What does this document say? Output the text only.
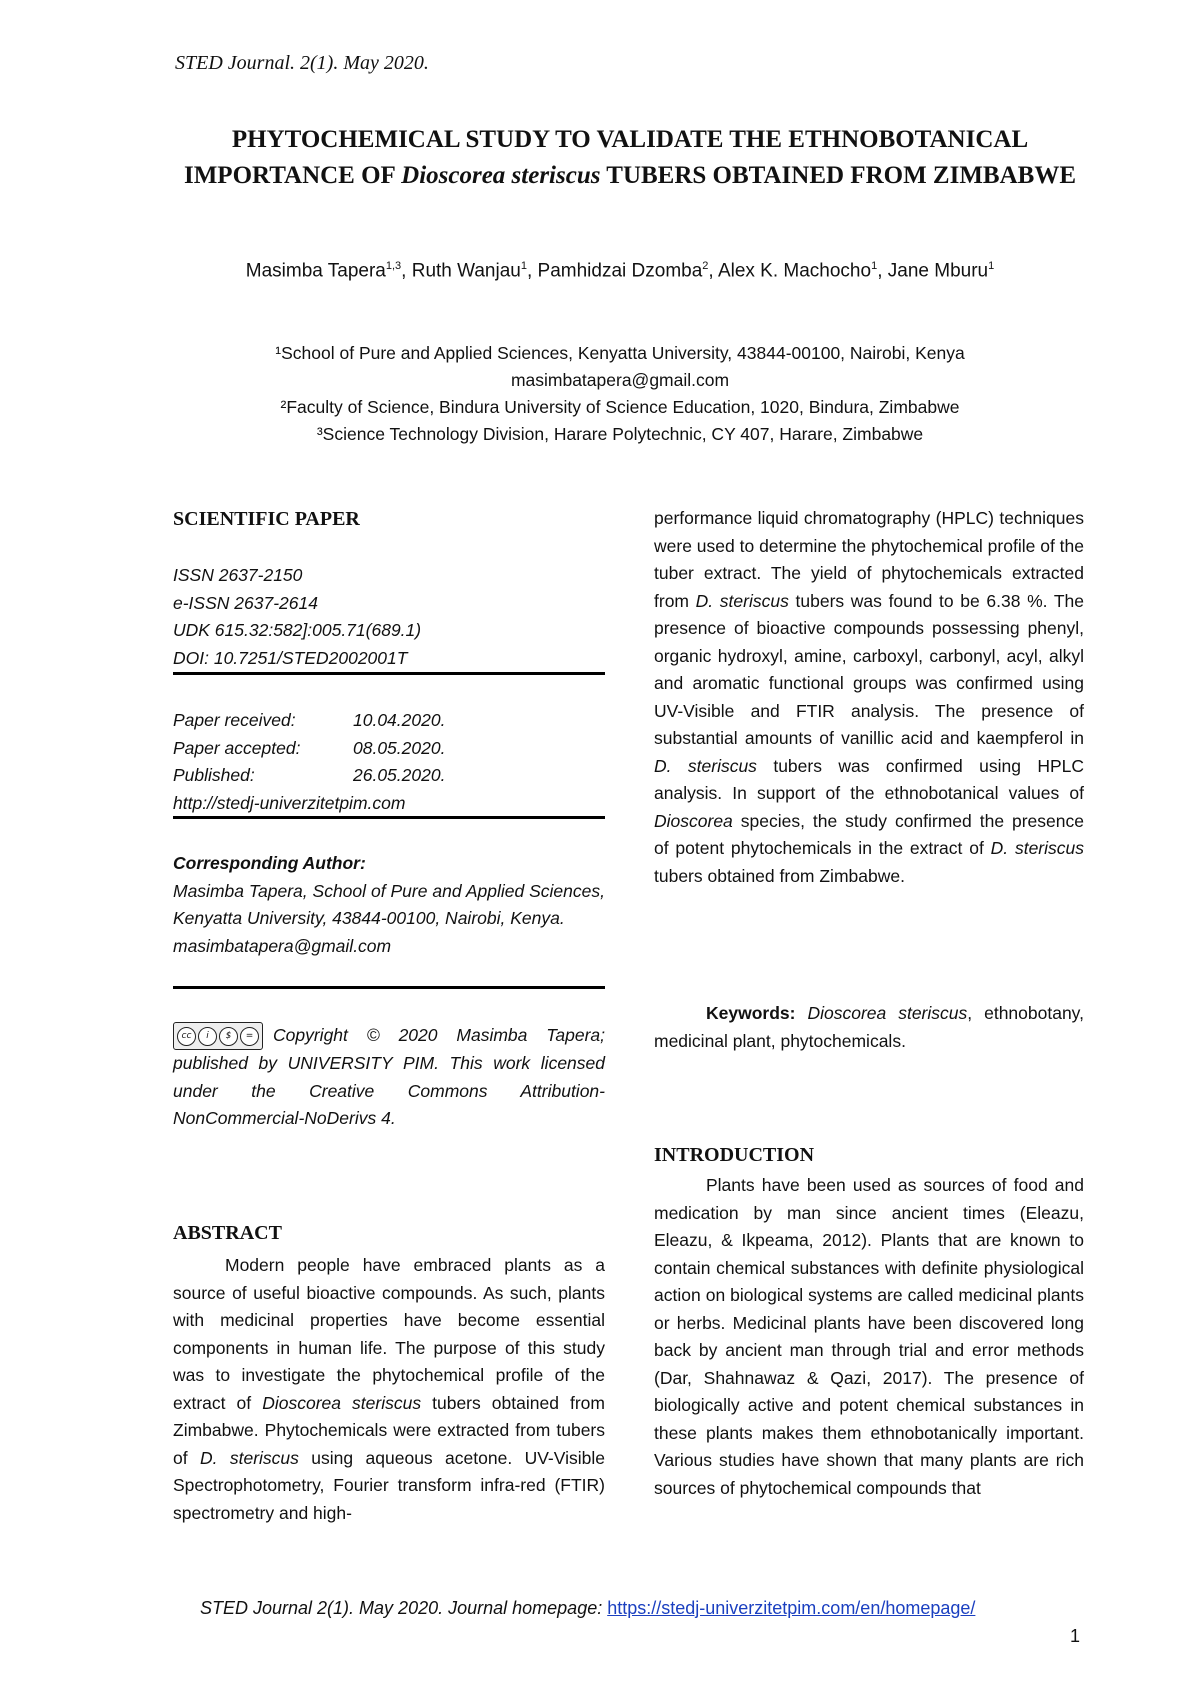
STED Journal. 2(1). May 2020.
PHYTOCHEMICAL STUDY TO VALIDATE THE ETHNOBOTANICAL IMPORTANCE OF Dioscorea steriscus TUBERS OBTAINED FROM ZIMBABWE
Masimba Tapera$^{1,3}$, Ruth Wanjau$^1$, Pamhidzai Dzomba$^2$, Alex K. Machocho$^1$, Jane Mburu$^1$
¹School of Pure and Applied Sciences, Kenyatta University, 43844-00100, Nairobi, Kenya
masimbatapera@gmail.com
²Faculty of Science, Bindura University of Science Education, 1020, Bindura, Zimbabwe
³Science Technology Division, Harare Polytechnic, CY 407, Harare, Zimbabwe
SCIENTIFIC PAPER
ISSN 2637-2150
e-ISSN 2637-2614
UDK 615.32:582]:005.71(689.1)
DOI: 10.7251/STED2002001T
Paper received:	10.04.2020.
Paper accepted:	08.05.2020.
Published:	26.05.2020.
http://stedj-univerzitetpim.com
Corresponding Author:
Masimba Tapera, School of Pure and Applied Sciences, Kenyatta University, 43844-00100, Nairobi, Kenya.
masimbatapera@gmail.com
cc	i	$	=	Copyright © 2020 Masimba Tapera; published by UNIVERSITY PIM. This work licensed under the Creative Commons Attribution-NonCommercial-NoDerivs 4.
ABSTRACT
Modern people have embraced plants as a source of useful bioactive compounds. As such, plants with medicinal properties have become essential components in human life. The purpose of this study was to investigate the phytochemical profile of the extract of Dioscorea steriscus tubers obtained from Zimbabwe. Phytochemicals were extracted from tubers of D. steriscus using aqueous acetone. UV-Visible Spectrophotometry, Fourier transform infra-red (FTIR) spectrometry and high-
performance liquid chromatography (HPLC) techniques were used to determine the phytochemical profile of the tuber extract. The yield of phytochemicals extracted from D. steriscus tubers was found to be 6.38 %. The presence of bioactive compounds possessing phenyl, organic hydroxyl, amine, carboxyl, carbonyl, acyl, alkyl and aromatic functional groups was confirmed using UV-Visible and FTIR analysis. The presence of substantial amounts of vanillic acid and kaempferol in D. steriscus tubers was confirmed using HPLC analysis. In support of the ethnobotanical values of Dioscorea species, the study confirmed the presence of potent phytochemicals in the extract of D. steriscus tubers obtained from Zimbabwe.
Keywords: Dioscorea steriscus, ethnobotany, medicinal plant, phytochemicals.
INTRODUCTION
Plants have been used as sources of food and medication by man since ancient times (Eleazu, Eleazu, & Ikpeama, 2012). Plants that are known to contain chemical substances with definite physiological action on biological systems are called medicinal plants or herbs. Medicinal plants have been discovered long back by ancient man through trial and error methods (Dar, Shahnawaz & Qazi, 2017). The presence of biologically active and potent chemical substances in these plants makes them ethnobotanically important. Various studies have shown that many plants are rich sources of phytochemical compounds that
STED Journal 2(1). May 2020. Journal homepage: https://stedj-univerzitetpim.com/en/homepage/
1
